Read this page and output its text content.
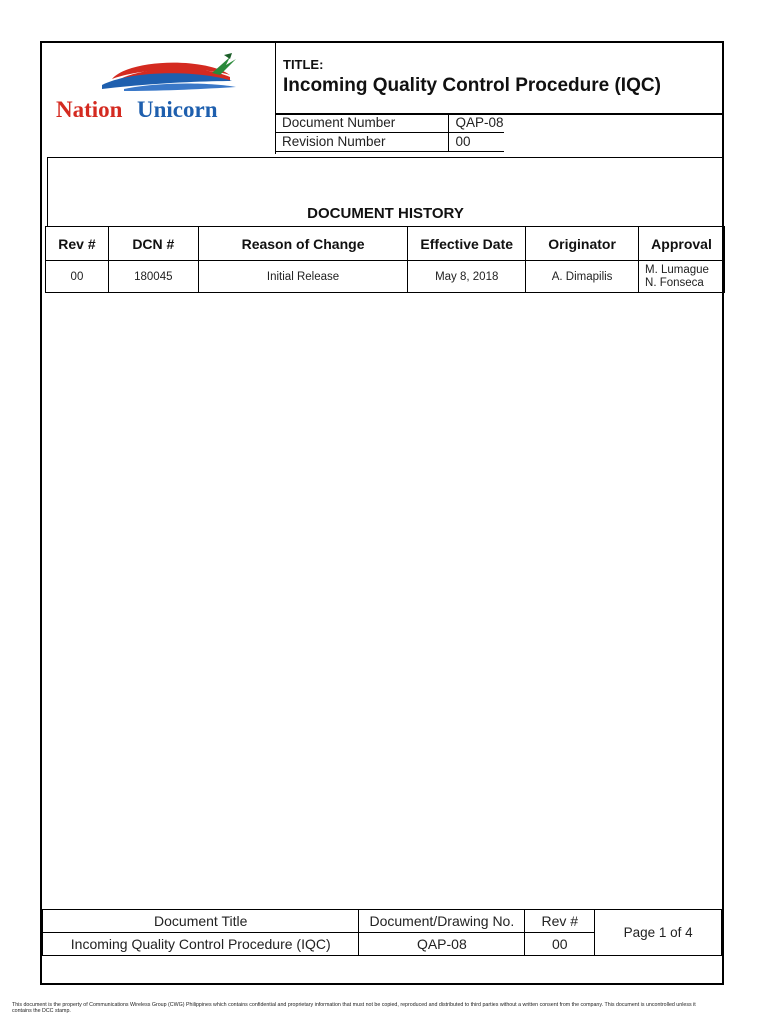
Nation Unicorn
TITLE:
Incoming Quality Control Procedure (IQC)
Document Number	QAP-08
Revision Number	00
DOCUMENT HISTORY
Rev #	DCN #	Reason of Change	Effective Date	Originator	Approval
00	180045	Initial Release	May 8, 2018	A. Dimapilis	M. Lumague
N. Fonseca
Document Title	Document/Drawing No.	Rev #	Page 1 of 4
Incoming Quality Control Procedure (IQC)	QAP-08	00	
This document is the property of Communications Wireless Group (CWG) Philippines which contains confidential and proprietary information that must not be copied, reproduced and distributed to third parties without a written consent from the company. This document is uncontrolled unless it contains the DCC stamp.
